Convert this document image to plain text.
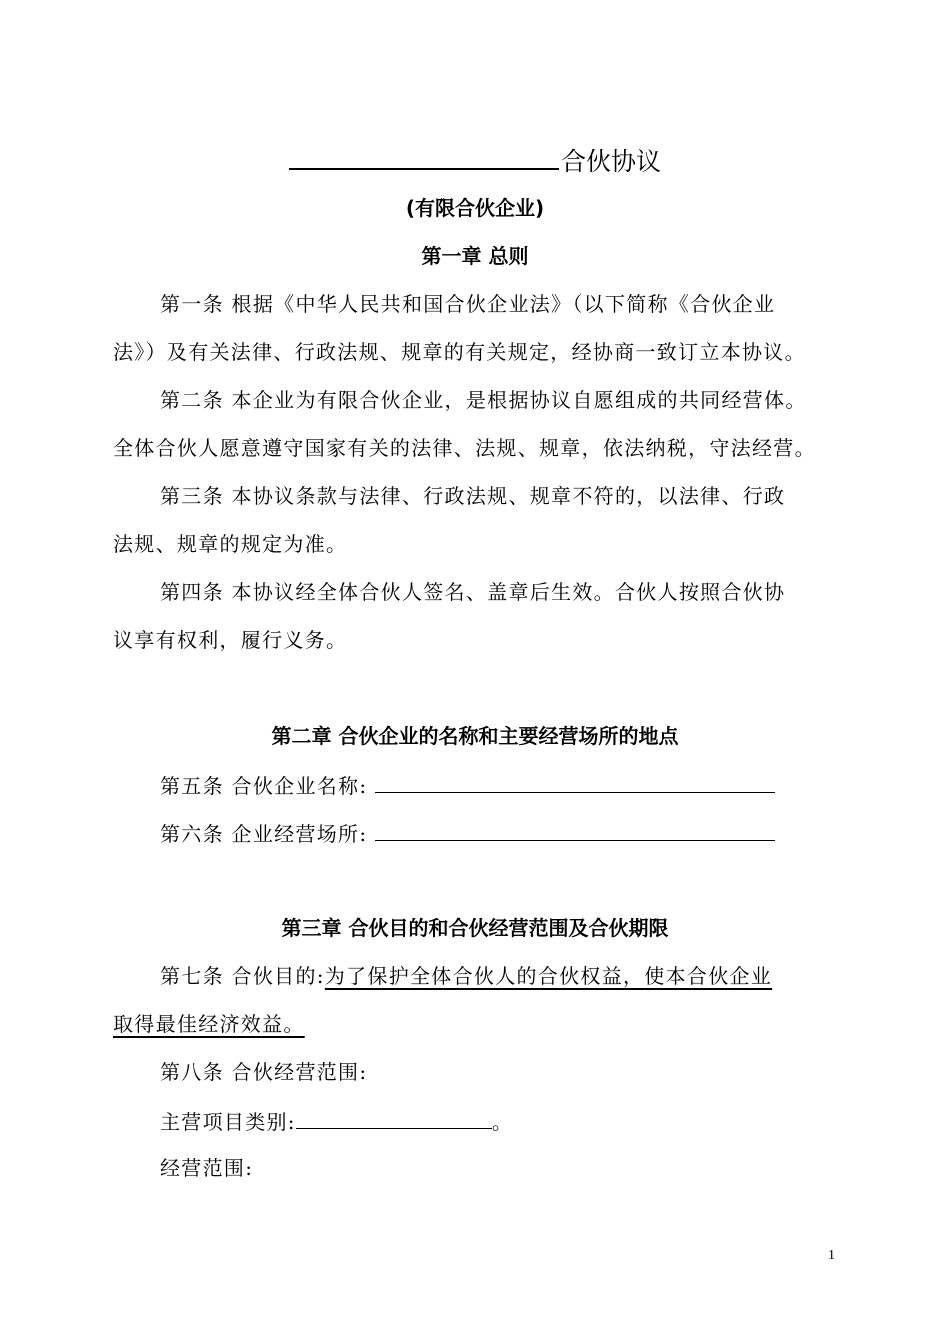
合伙协议
(有限合伙企业)
第一章 总则
第一条 根据《中华人民共和国合伙企业法》（以下简称《合伙企业
法》）及有关法律、行政法规、规章的有关规定，经协商一致订立本协议。
第二条 本企业为有限合伙企业，是根据协议自愿组成的共同经营体。
全体合伙人愿意遵守国家有关的法律、法规、规章，依法纳税，守法经营。
第三条 本协议条款与法律、行政法规、规章不符的，以法律、行政
法规、规章的规定为准。
第四条 本协议经全体合伙人签名、盖章后生效。合伙人按照合伙协
议享有权利，履行义务。
第二章 合伙企业的名称和主要经营场所的地点
第五条 合伙企业名称:
第六条 企业经营场所:
第三章 合伙目的和合伙经营范围及合伙期限
第七条 合伙目的:为了保护全体合伙人的合伙权益，使本合伙企业
取得最佳经济效益。
第八条 合伙经营范围:
主营项目类别:	。
经营范围:
1
